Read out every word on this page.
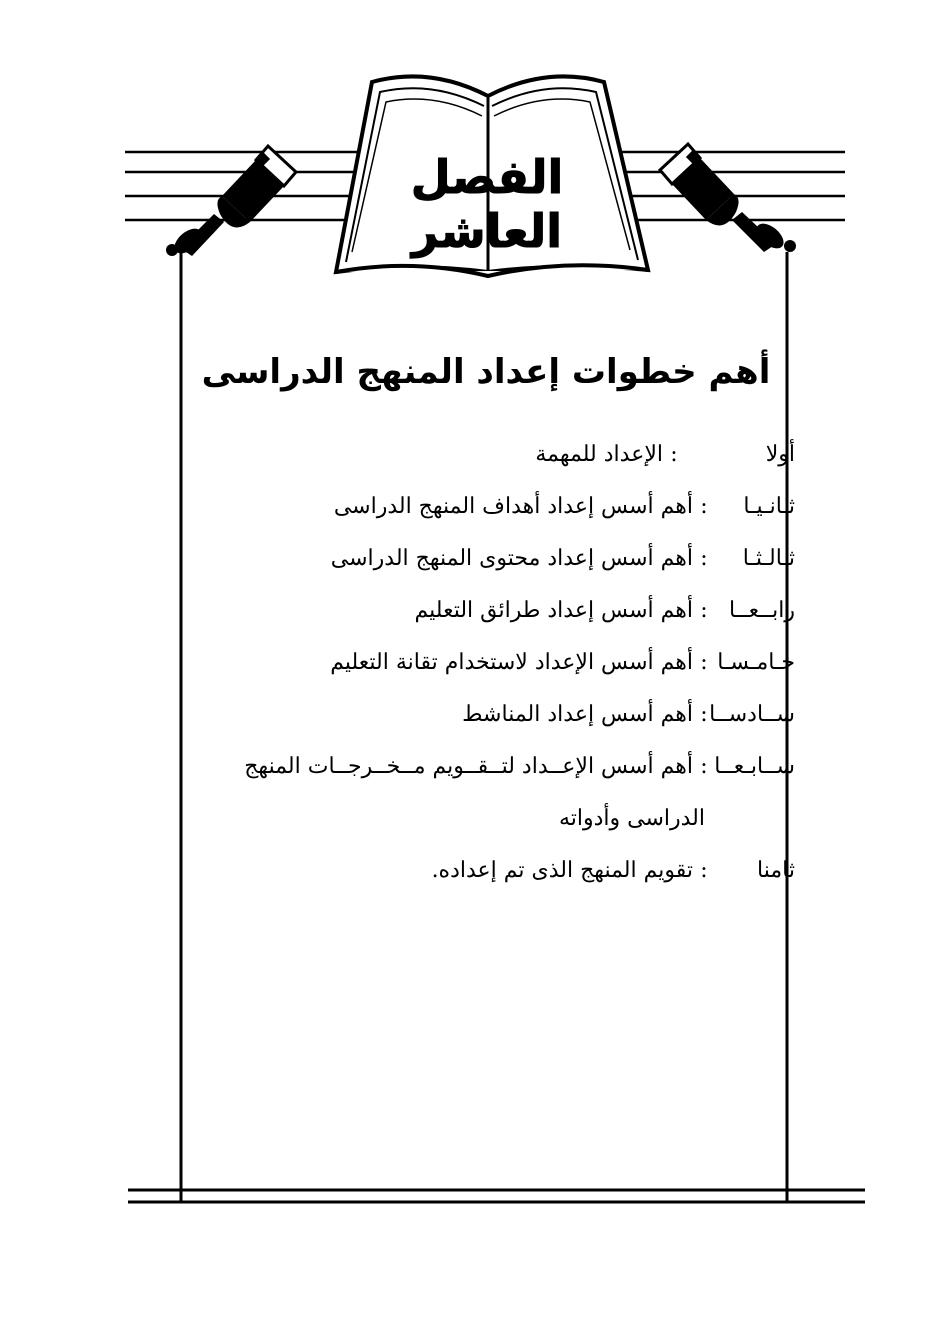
الفصل العاشر
أهم خطوات إعداد المنهج الدراسى
أولا
:
الإعداد للمهمة
ثـانـيـا
:
أهم أسس إعداد أهداف المنهج الدراسى
ثـالـثـا
:
أهم أسس إعداد محتوى المنهج الدراسى
رابــعــا
:
أهم أسس إعداد طرائق التعليم
خـامـسـا
:
أهم أسس الإعداد لاستخدام تقانة التعليم
ســادســا
:
أهم أسس إعداد المناشط
ســابـعــا
:
أهم أسس الإعــداد لتــقــويم مــخــرجــات المنهج
الدراسى وأدواته
ثامنا
:
تقويم المنهج الذى تم إعداده.
